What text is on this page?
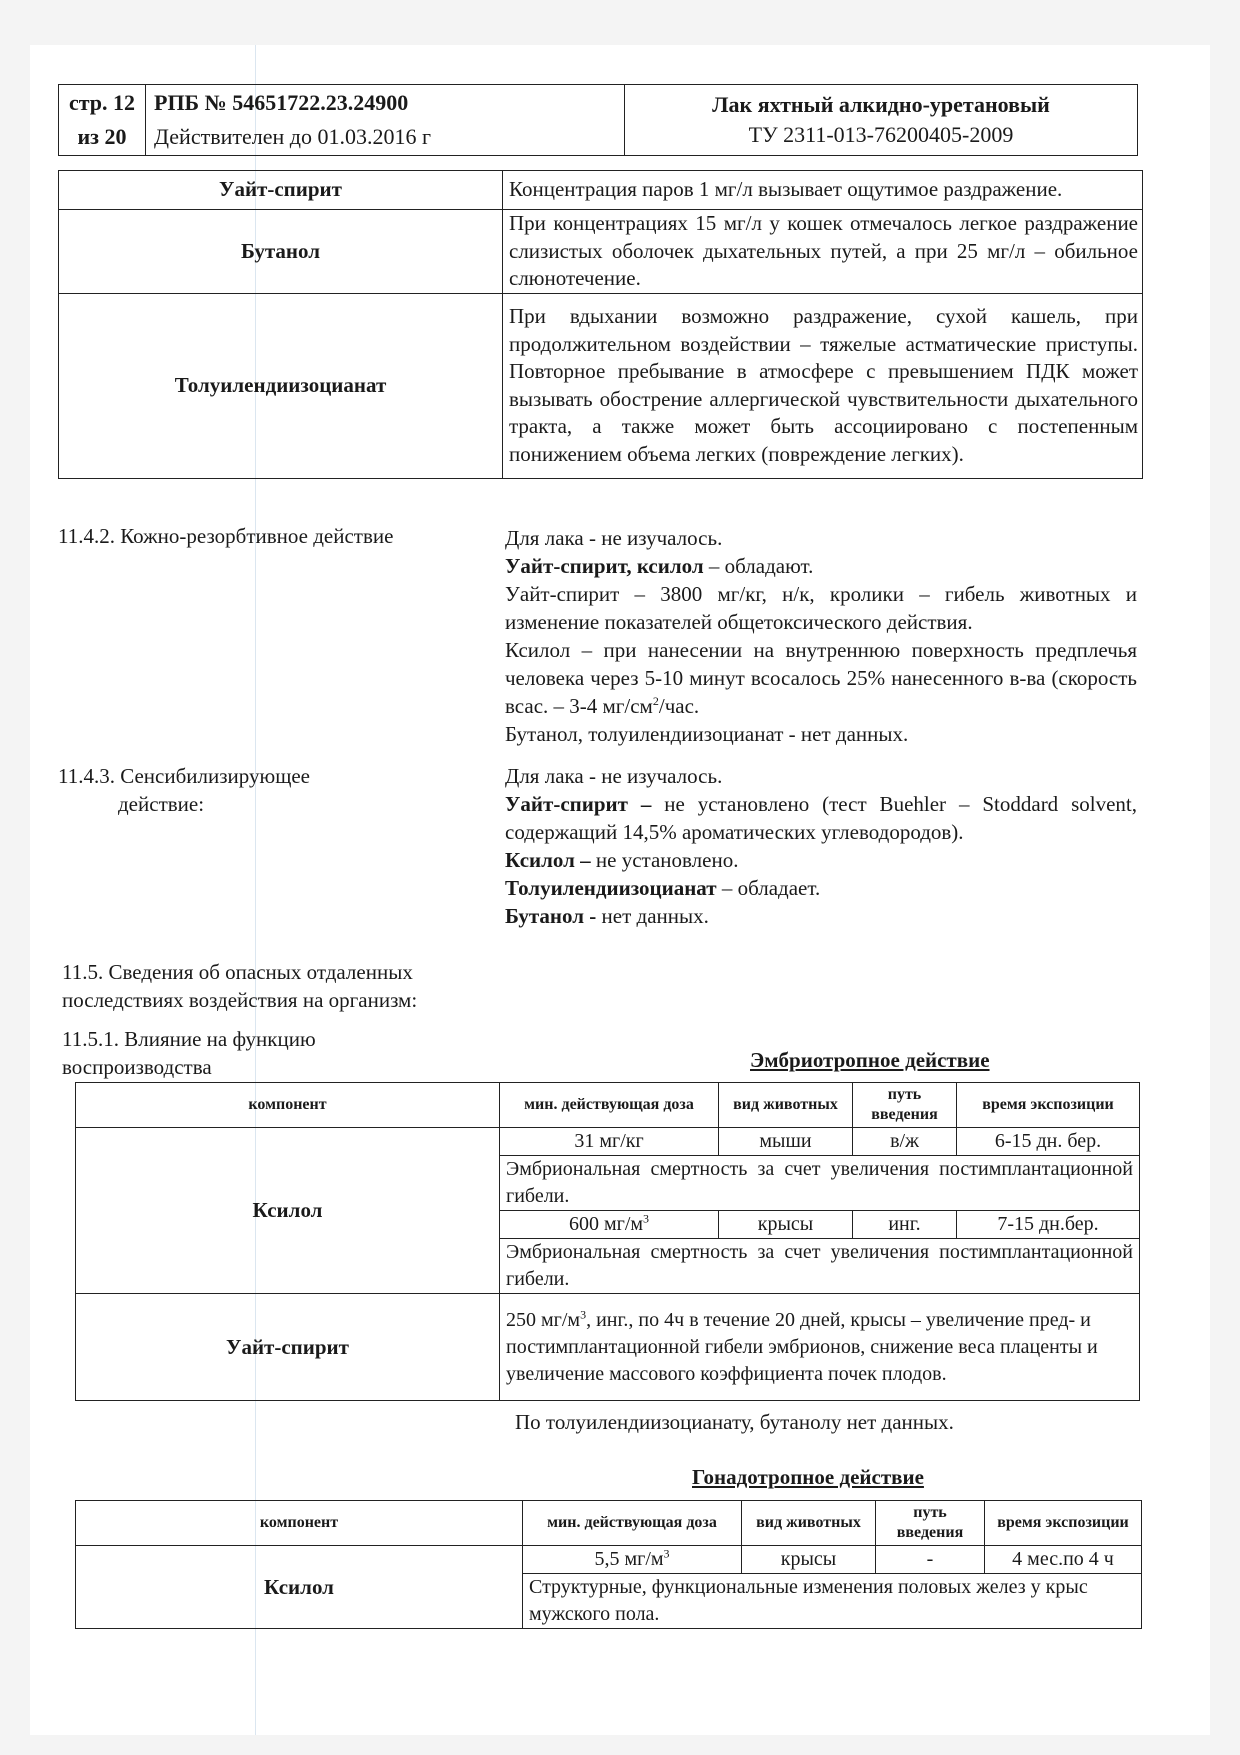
стр. 12
из 20

РПБ № 54651722.23.24900
Действителен до 01.03.2016 г

Лак яхтный алкидно-уретановый
ТУ 2311-013-76200405-2009
Уайт-спирит	Концентрация паров 1 мг/л вызывает ощутимое раздражение.
Бутанол	При концентрациях 15 мг/л у кошек отмечалось легкое раздражение слизистых оболочек дыхательных путей, а при 25 мг/л – обильное слюнотечение.
Толуилендиизоцианат	При вдыхании возможно раздражение, сухой кашель, при продолжительном воздействии – тяжелые астматические приступы. Повторное пребывание в атмосфере с превышением ПДК может вызывать обострение аллергической чувствительности дыхательного тракта, а также может быть ассоциировано с постепенным понижением объема легких (повреждение легких).
11.4.2. Кожно-резорбтивное действие	Для лака - не изучалось.
Уайт-спирит, ксилол – обладают.
Уайт-спирит – 3800 мг/кг, н/к, кролики – гибель животных и изменение показателей общетоксического действия.
Ксилол – при нанесении на внутреннюю поверхность предплечья человека через 5-10 минут всосалось 25% нанесенного в-ва (скорость всас. – 3-4 $мг/см^2$/час.
Бутанол, толуилендиизоцианат - нет данных.
11.4.3. Сенсибилизирующее
действие:
Для лака - не изучалось.
Уайт-спирит – не установлено (тест Buehler – Stoddard solvent, содержащий 14,5% ароматических углеводородов).
Ксилол – не установлено.
Толуилендиизоцианат – обладает.
Бутанол - нет данных.
11.5. Сведения об опасных отдаленных
последствиях воздействия на организм:
11.5.1. Влияние на функцию
воспроизводства	Эмбриотропное действие
компонент	мин. действующая доза	вид животных	путь введения	время экспозиции
Ксилол	31 мг/кг	мыши	в/ж	6-15 дн. бер.
	Эмбриональная смертность за счет увеличения постимплантационной гибели.			
	600 $мг/м^3$	крысы	инг.	7-15 дн.бер.
	Эмбриональная смертность за счет увеличения постимплантационной гибели.			
Уайт-спирит	250 $мг/м^3$, инг., по 4ч в течение 20 дней, крысы – увеличение пред- и постимплантационной гибели эмбрионов, снижение веса плаценты и увеличение массового коэффициента почек плодов.			
По толуилендиизоцианату, бутанолу нет данных.
Гонадотропное действие
компонент	мин. действующая доза	вид животных	путь введения	время экспозиции
Ксилол	5,5 $мг/м^3$	крысы	-	4 мес.по 4 ч
	Структурные, функциональные изменения половых желез у крыс мужского пола.			
